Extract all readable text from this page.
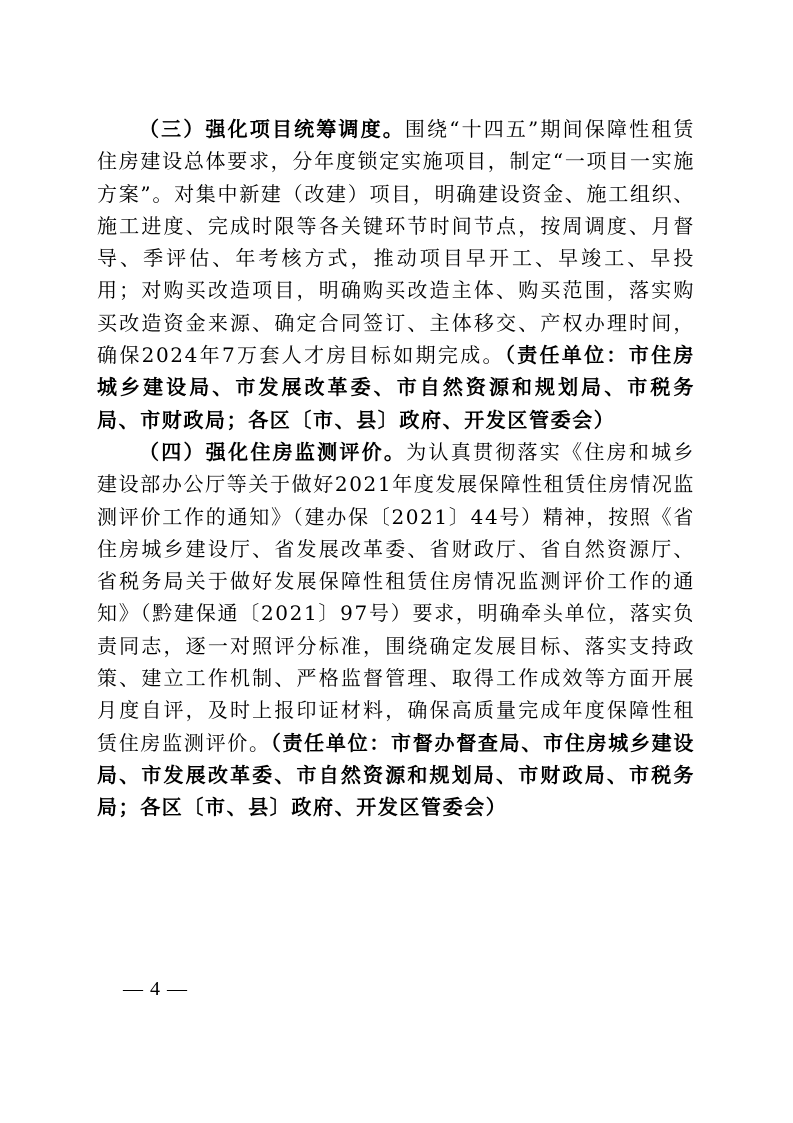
（三）强化项目统筹调度。围绕“十四五”期间保障性租赁住房建设总体要求，分年度锁定实施项目，制定“一项目一实施方案”。对集中新建（改建）项目，明确建设资金、施工组织、施工进度、完成时限等各关键环节时间节点，按周调度、月督导、季评估、年考核方式，推动项目早开工、早竣工、早投用；对购买改造项目，明确购买改造主体、购买范围，落实购买改造资金来源、确定合同签订、主体移交、产权办理时间，确保2024年7万套人才房目标如期完成。（责任单位：市住房城乡建设局、市发展改革委、市自然资源和规划局、市税务局、市财政局；各区〔市、县〕政府、开发区管委会）

（四）强化住房监测评价。为认真贯彻落实《住房和城乡建设部办公厅等关于做好2021年度发展保障性租赁住房情况监测评价工作的通知》（建办保〔2021〕44号）精神，按照《省住房城乡建设厅、省发展改革委、省财政厅、省自然资源厅、省税务局关于做好发展保障性租赁住房情况监测评价工作的通知》（黔建保通〔2021〕97号）要求，明确牵头单位，落实负责同志，逐一对照评分标准，围绕确定发展目标、落实支持政策、建立工作机制、严格监督管理、取得工作成效等方面开展月度自评，及时上报印证材料，确保高质量完成年度保障性租赁住房监测评价。（责任单位：市督办督查局、市住房城乡建设局、市发展改革委、市自然资源和规划局、市财政局、市税务局；各区〔市、县〕政府、开发区管委会）

— 4 —
